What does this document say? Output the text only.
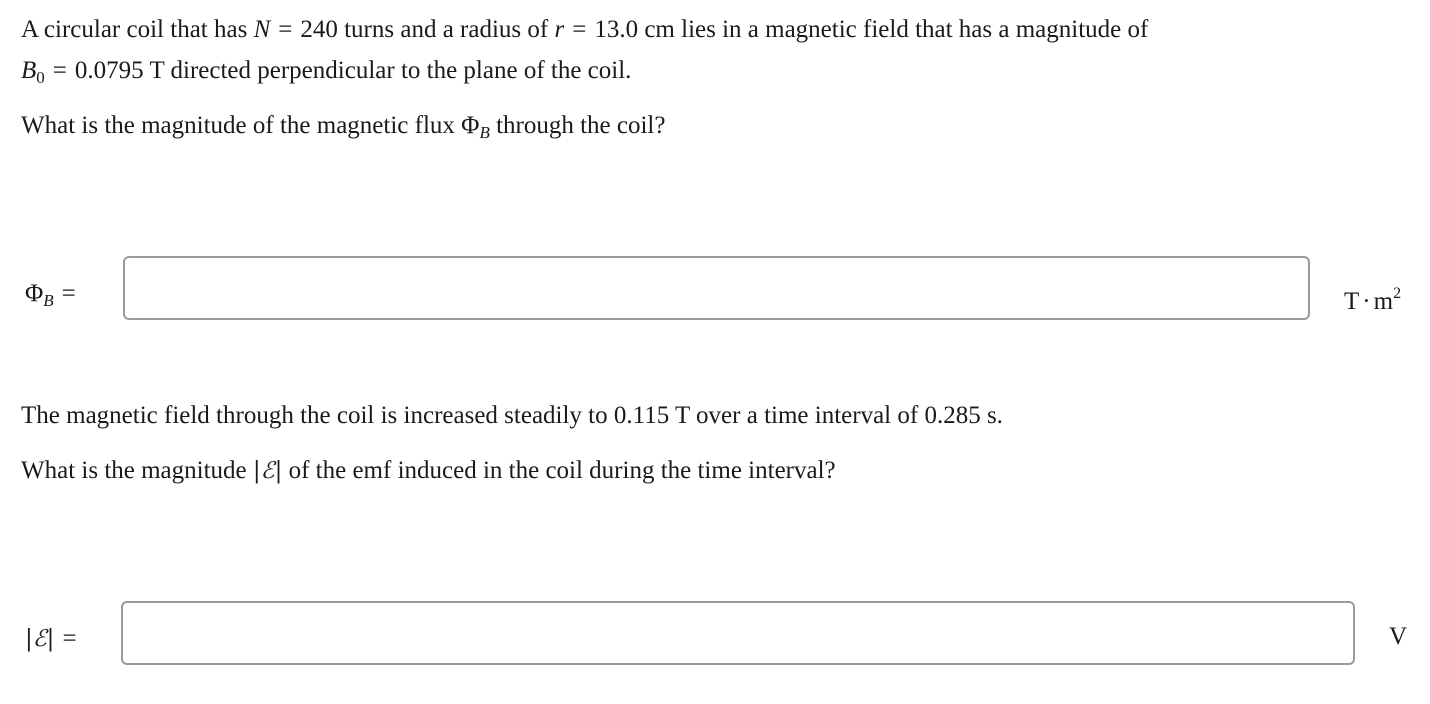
A circular coil that has N = 240 turns and a radius of r = 13.0 cm lies in a magnetic field that has a magnitude of
$B_0 = 0.0795$ T directed perpendicular to the plane of the coil.
What is the magnitude of the magnetic flux $\Phi_B$ through the coil?
$\Phi_B$ =	$T \cdot m^2$
The magnetic field through the coil is increased steadily to 0.115 T over a time interval of 0.285 s.
What is the magnitude |ℰ| of the emf induced in the coil during the time interval?
|ℰ| =	V
